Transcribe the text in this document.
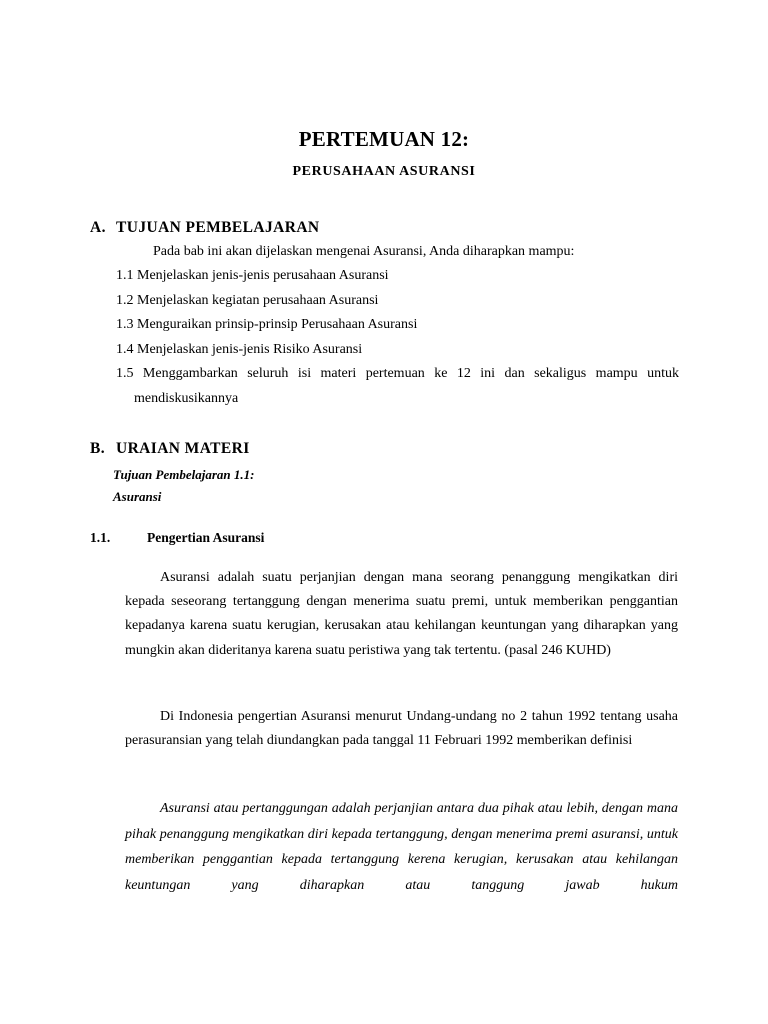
PERTEMUAN 12:
PERUSAHAAN ASURANSI
A. TUJUAN PEMBELAJARAN
Pada bab ini akan dijelaskan mengenai Asuransi, Anda diharapkan mampu:
1.1 Menjelaskan jenis-jenis perusahaan Asuransi
1.2 Menjelaskan kegiatan perusahaan Asuransi
1.3 Menguraikan prinsip-prinsip Perusahaan Asuransi
1.4 Menjelaskan jenis-jenis Risiko Asuransi
1.5 Menggambarkan seluruh isi materi pertemuan ke 12 ini dan sekaligus mampu untuk
mendiskusikannya
B. URAIAN MATERI
Tujuan Pembelajaran 1.1:
Asuransi
1.1.	Pengertian Asuransi
Asuransi adalah suatu perjanjian dengan mana seorang penanggung mengikatkan diri kepada seseorang tertanggung dengan menerima suatu premi, untuk memberikan penggantian kepadanya karena suatu kerugian, kerusakan atau kehilangan keuntungan yang diharapkan yang mungkin akan dideritanya karena suatu peristiwa yang tak tertentu. (pasal 246 KUHD)
Di Indonesia pengertian Asuransi menurut Undang-undang no 2 tahun 1992 tentang usaha perasuransian yang telah diundangkan pada tanggal 11 Februari 1992 memberikan definisi
Asuransi atau pertanggungan adalah perjanjian antara dua pihak atau lebih, dengan mana pihak penanggung mengikatkan diri kepada tertanggung, dengan menerima premi asuransi, untuk memberikan penggantian kepada tertanggung kerena kerugian, kerusakan atau kehilangan keuntungan yang diharapkan atau tanggung jawab hukum
